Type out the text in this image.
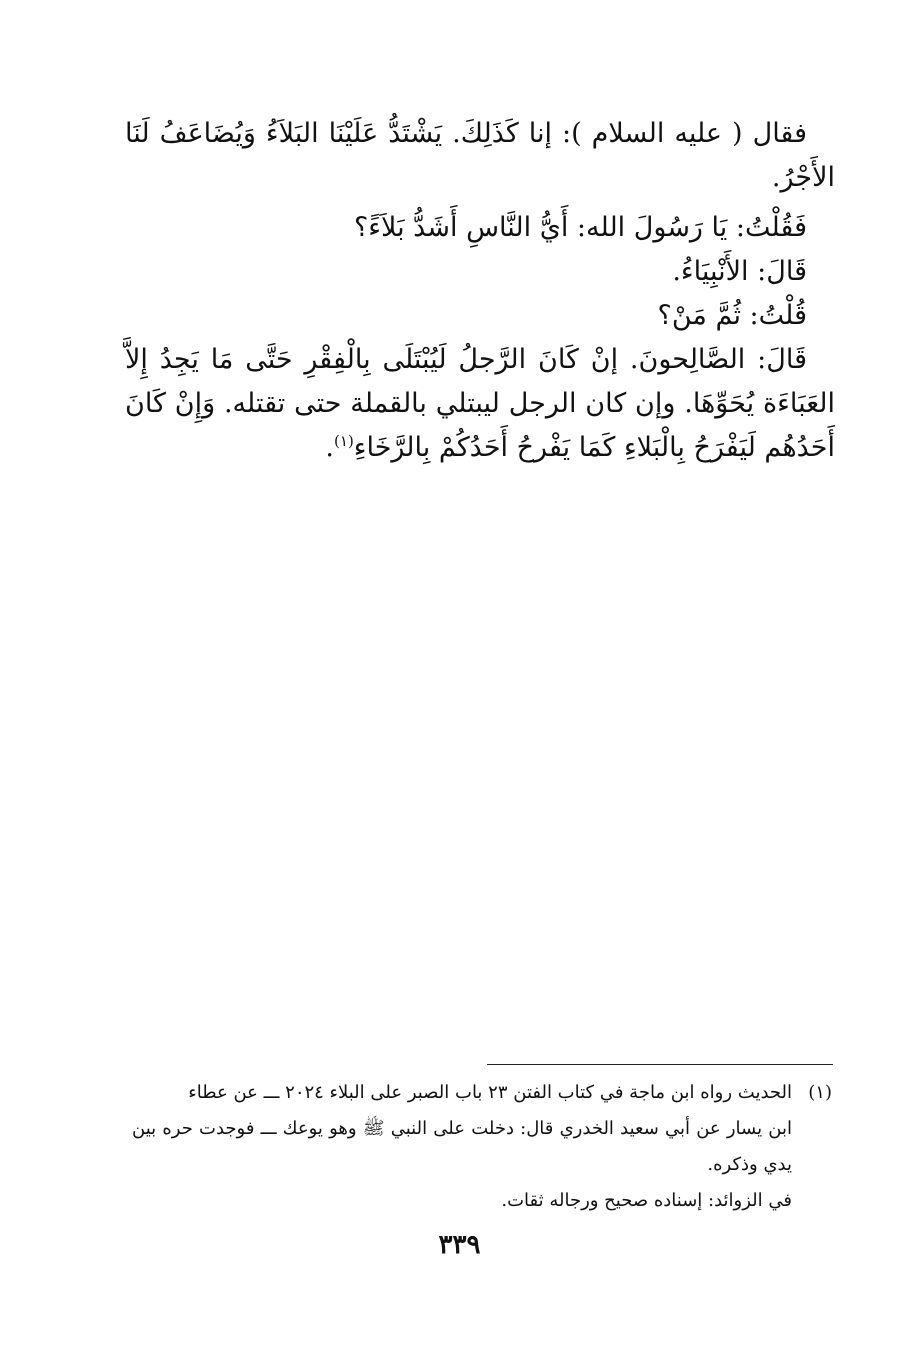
فقال ( عليه السلام ): إنا كَذَلِكَ. يَشْتَدُّ عَلَيْنَا البَلاَءُ وَيُضَاعَفُ لَنَا الأَجْرُ.

فَقُلْتُ: يَا رَسُولَ الله: أَيُّ النَّاسِ أَشَدُّ بَلاَءً؟

قَالَ: الأَنْبِيَاءُ.

قُلْتُ: ثُمَّ مَنْ؟

قَالَ: الصَّالِحونَ. إنْ كَانَ الرَّجلُ لَيُبْتَلَى بِالْفِقْرِ حَتَّى مَا يَجِدُ إِلاَّ العَبَاءَة يُحَوِّهَا. وإن كان الرجل ليبتلي بالقملة حتى تقتله. وَإِنْ كَانَ أَحَدُهُم لَيَفْرَحُ بِالْبَلاءِ كَمَا يَفْرحُ أَحَدُكُمْ بِالرَّخَاءِ$^{(١)}$.

(١)الحديث رواه ابن ماجة في كتاب الفتن ٢٣ باب الصبر على البلاء ٢٠٢٤ ـــ عن عطاء

ابن يسار عن أبي سعيد الخدري قال: دخلت على النبي ﷺ وهو يوعك ـــ فوجدت حره بين يدي وذكره.

في الزوائد: إسناده صحيح ورجاله ثقات.

٣٣٩
